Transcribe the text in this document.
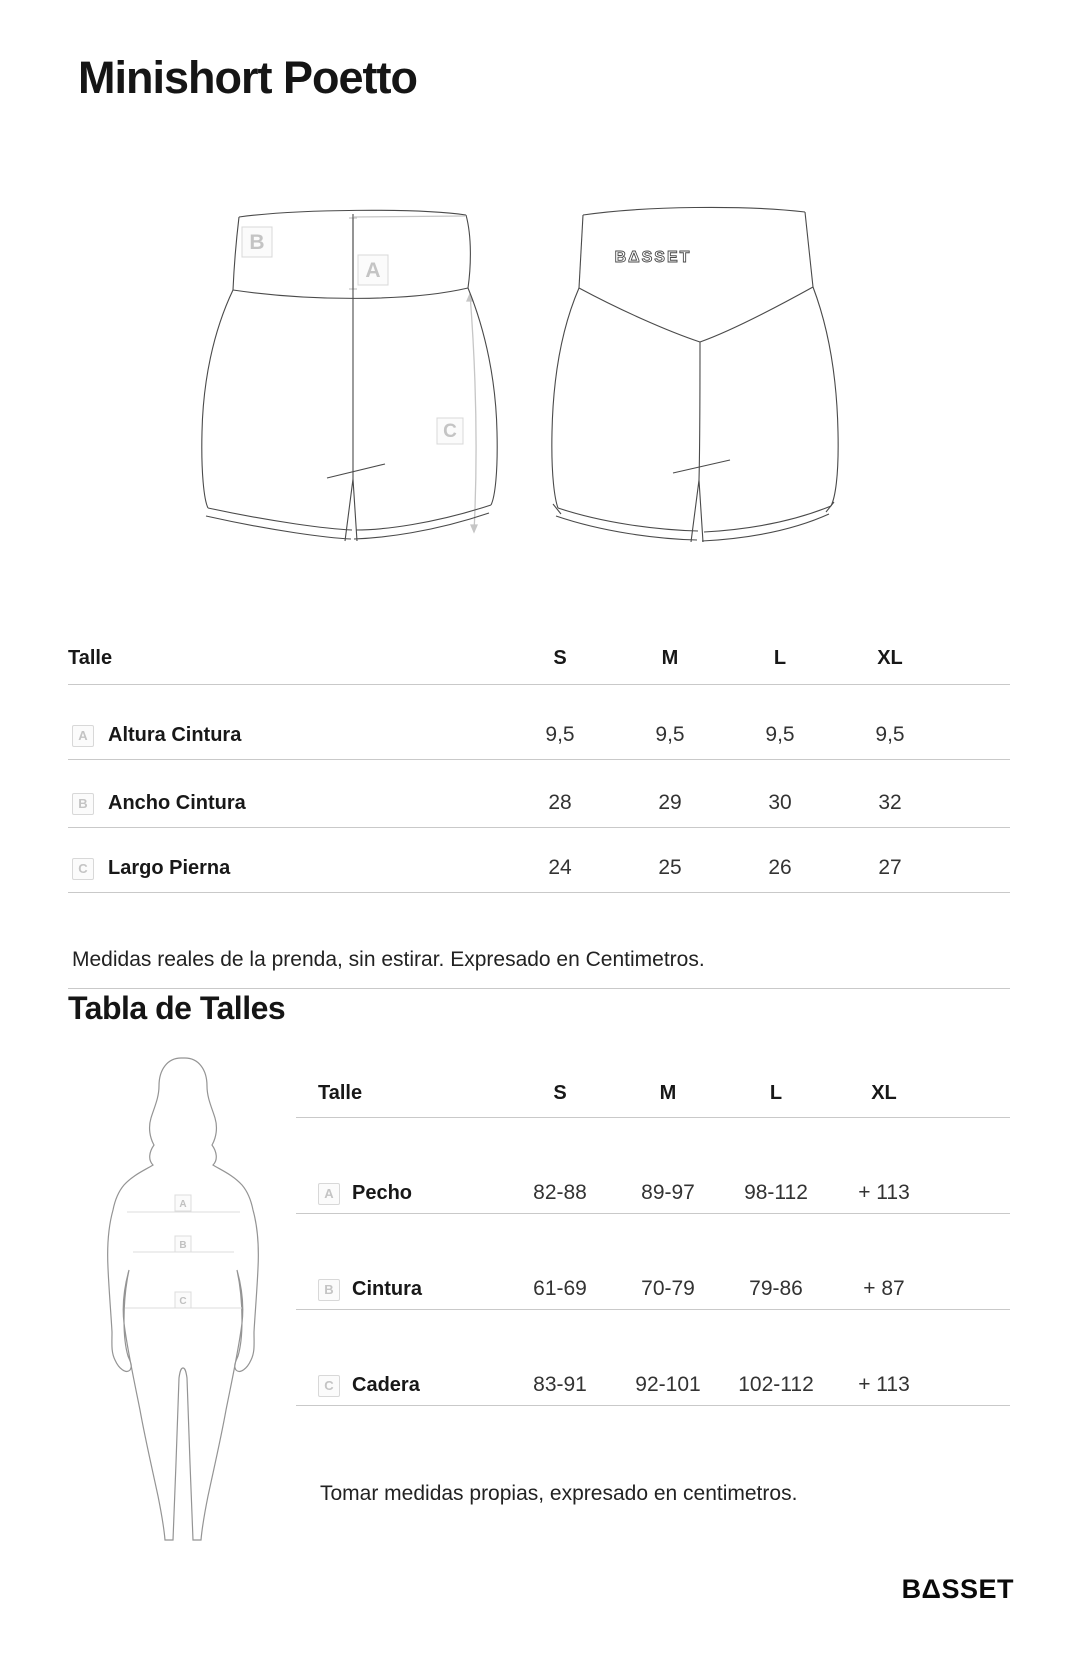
Minishort Poetto
B
A
C
BΔSSET
Talle	S	M	L	XL
A	Altura Cintura	9,5	9,5	9,5	9,5
B	Ancho Cintura	28	29	30	32
C	Largo Pierna	24	25	26	27
Medidas reales de la prenda, sin estirar. Expresado en Centimetros.
Tabla de Talles
A
B
C
Talle	S	M	L	XL
A Pecho	82-88	89-97	98-112	+ 113
B Cintura	61-69	70-79	79-86	+ 87
C Cadera	83-91	92-101	102-112	+ 113
Tomar medidas propias, expresado en centimetros.
BΔSSET
